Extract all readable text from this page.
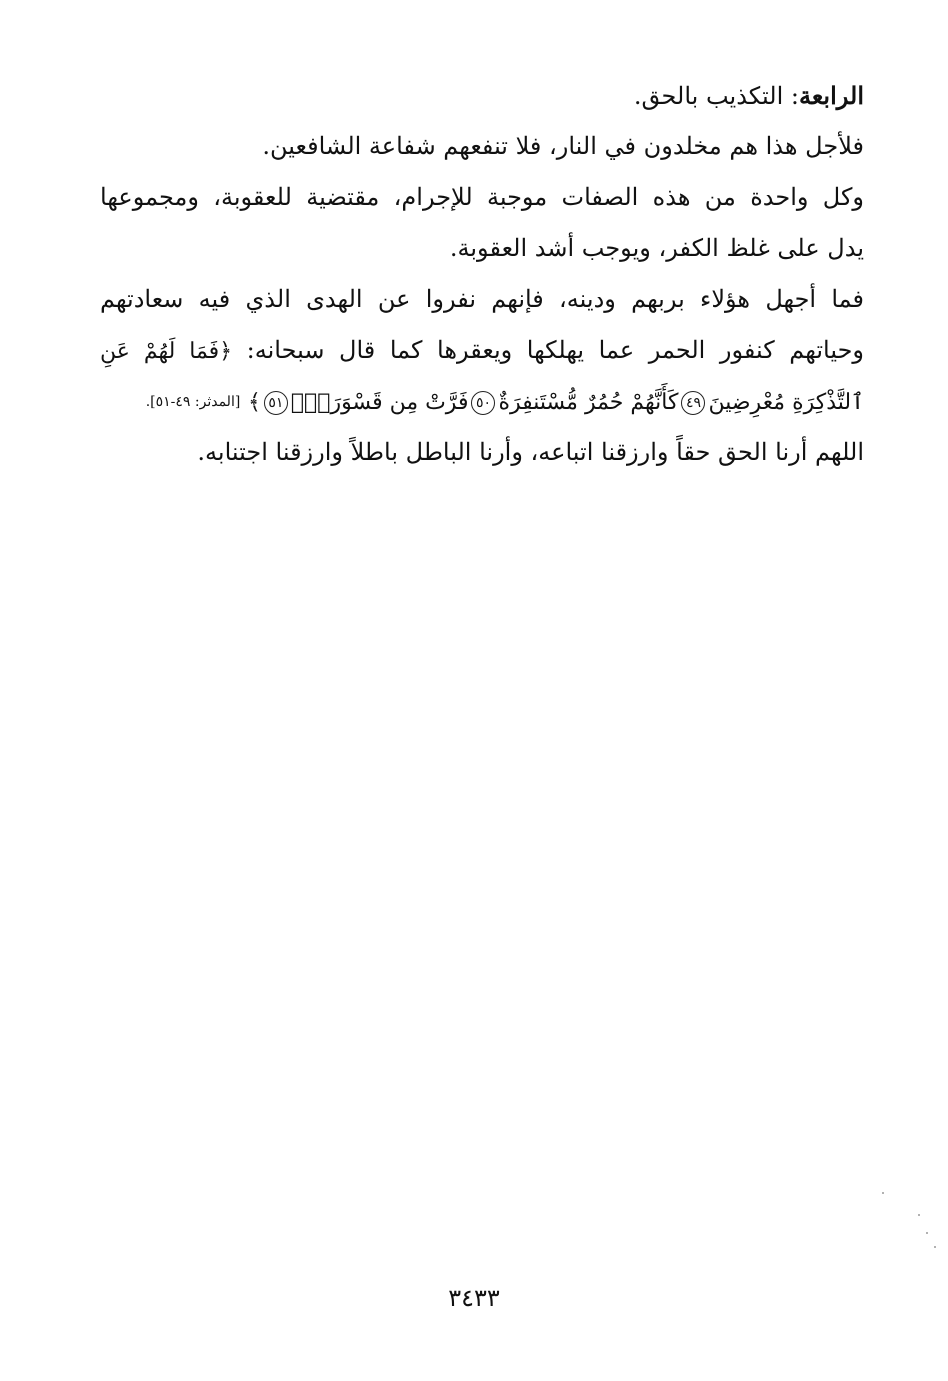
الرابعة: التكذيب بالحق.
فلأجل هذا هم مخلدون في النار، فلا تنفعهم شفاعة الشافعين.
وكل واحدة من هذه الصفات موجبة للإجرام، مقتضية للعقوبة، ومجموعها
يدل على غلظ الكفر، ويوجب أشد العقوبة.
فما أجهل هؤلاء بربهم ودينه، فإنهم نفروا عن الهدى الذي فيه سعادتهم
وحياتهم كنفور الحمر عما يهلكها ويعقرها كما قال سبحانه: ﴿فَمَا لَهُمْ عَنِ
ٱلتَّذْكِرَةِ مُعْرِضِينَ٤٩كَأَنَّهُمْ حُمُرٌ مُّسْتَنفِرَةٌ٥٠فَرَّتْ مِن قَسْوَرَةٍۭ٥١﴾ [المدثر: ٤٩-٥١].
اللهم أرنا الحق حقاً وارزقنا اتباعه، وأرنا الباطل باطلاً وارزقنا اجتنابه.
٣٤٣٣
